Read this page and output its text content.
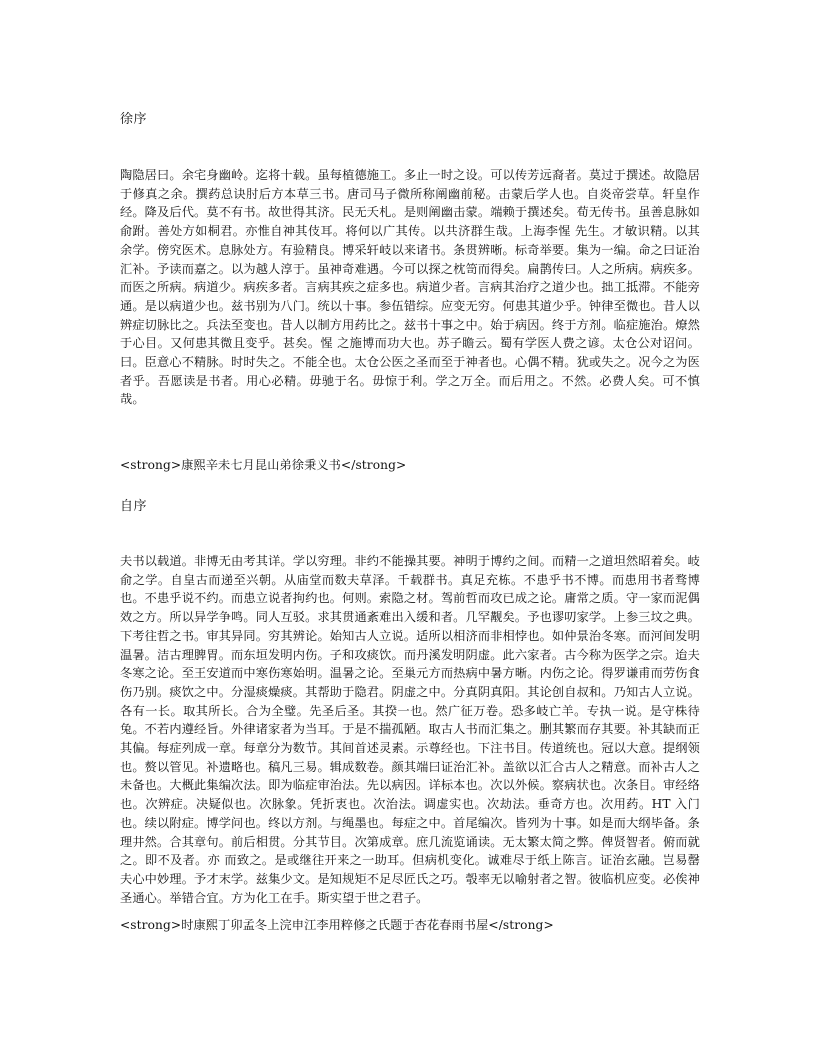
徐序

陶隐居曰。余宅身幽岭。迄将十载。虽每植德施工。多止一时之设。可以传芳远裔者。莫过于撰述。故隐居于修真之余。撰药总诀肘后方本草三书。唐司马子微所称阐幽前秘。击蒙后学人也。自炎帝尝草。轩皇作经。降及后代。莫不有书。故世得其济。民无夭札。是则阐幽击蒙。端赖于撰述矣。荀无传书。虽善息脉如俞跗。善处方如桐君。亦惟自神其伎耳。将何以广其传。以共济群生哉。上海李惺 先生。才敏识精。以其余学。傍究医术。息脉处方。有验精良。博采轩岐以来诸书。条贯辨晰。标奇举要。集为一编。命之曰证治汇补。予读而嘉之。以为越人淳于。虽神奇难遇。今可以探之枕笥而得矣。扁鹊传曰。人之所病。病疾多。而医之所病。病道少。病疾多者。言病其疾之症多也。病道少者。言病其治疗之道少也。拙工抵滞。不能旁通。是以病道少也。兹书别为八门。统以十事。参伍错综。应变无穷。何患其道少乎。钟律至微也。昔人以辨症切脉比之。兵法至变也。昔人以制方用药比之。兹书十事之中。始于病因。终于方剂。临症施治。燎然于心目。又何患其微且变乎。甚矣。惺 之施博而功大也。苏子瞻云。蜀有学医人费之谚。太仓公对诏问。曰。臣意心不精脉。时时失之。不能全也。太仓公医之圣而至于神者也。心偶不精。犹或失之。况今之为医者乎。吾愿读是书者。用心必精。毋驰于名。毋惊于利。学之万全。而后用之。不然。必费人矣。可不慎哉。

<strong>康熙辛未七月昆山弟徐秉义书</strong>

自序

夫书以载道。非博无由考其详。学以穷理。非约不能操其要。神明于博约之间。而精一之道坦然昭着矣。岐俞之学。自皇古而递至兴朝。从庙堂而数夫草泽。千载群书。真足充栋。不患乎书不博。而患用书者骛博也。不患乎说不约。而患立说者拘约也。何则。索隐之材。驾前哲而攻已成之论。庸常之质。守一家而泥偶效之方。所以异学争鸣。同人互驳。求其贯通紊难出入缓和者。几罕觏矣。予也谬叨家学。上参三坟之典。下考往哲之书。审其异同。穷其辨论。始知古人立说。适所以相济而非相悖也。如仲景治冬寒。而河间发明温暑。洁古理脾胃。而东垣发明内伤。子和攻痰饮。而丹溪发明阴虚。此六家者。古今称为医学之宗。迨夫冬寒之论。至王安道而中寒伤寒始明。温暑之论。至巢元方而热病中暑方晰。内伤之论。得罗谦甫而劳伤食伤乃别。痰饮之中。分湿痰燥痰。其帮助于隐君。阴虚之中。分真阴真阳。其论创自叔和。乃知古人立说。各有一长。取其所长。合为全璧。先圣后圣。其揆一也。然广征万卷。恐多岐亡羊。专执一说。是守株待兔。不若内遵经旨。外律诸家者为当耳。于是不揣孤陋。取古人书而汇集之。删其繁而存其要。补其缺而正其偏。每症列成一章。每章分为数节。其间首述灵素。示尊经也。下注书目。传道统也。冠以大意。提纲领也。赘以管见。补遗略也。稿凡三易。辑成数卷。颜其端曰证治汇补。盖欲以汇合古人之精意。而补古人之未备也。大概此集编次法。即为临症审治法。先以病因。详标本也。次以外候。察病状也。次条目。审经络也。次辨症。决疑似也。次脉象。凭折衷也。次治法。调虚实也。次劫法。垂奇方也。次用药。HT 入门也。续以附症。博学问也。终以方剂。与绳墨也。每症之中。首尾编次。皆列为十事。如是而大纲毕备。条理井然。合其章句。前后相贯。分其节目。次第成章。庶几流览诵读。无太繁太简之弊。俾贤智者。俯而就之。即不及者。亦 而致之。是或继往开来之一助耳。但病机变化。诚难尽于纸上陈言。证治玄融。岂易罄夫心中妙理。予才末学。兹集少文。是知规矩不足尽匠氏之巧。彀率无以喻射者之智。彼临机应变。必俟神圣通心。举错合宜。方为化工在手。斯实望于世之君子。

<strong>时康熙丁卯孟冬上浣申江李用粹修之氏题于杏花春雨书屋</strong>
